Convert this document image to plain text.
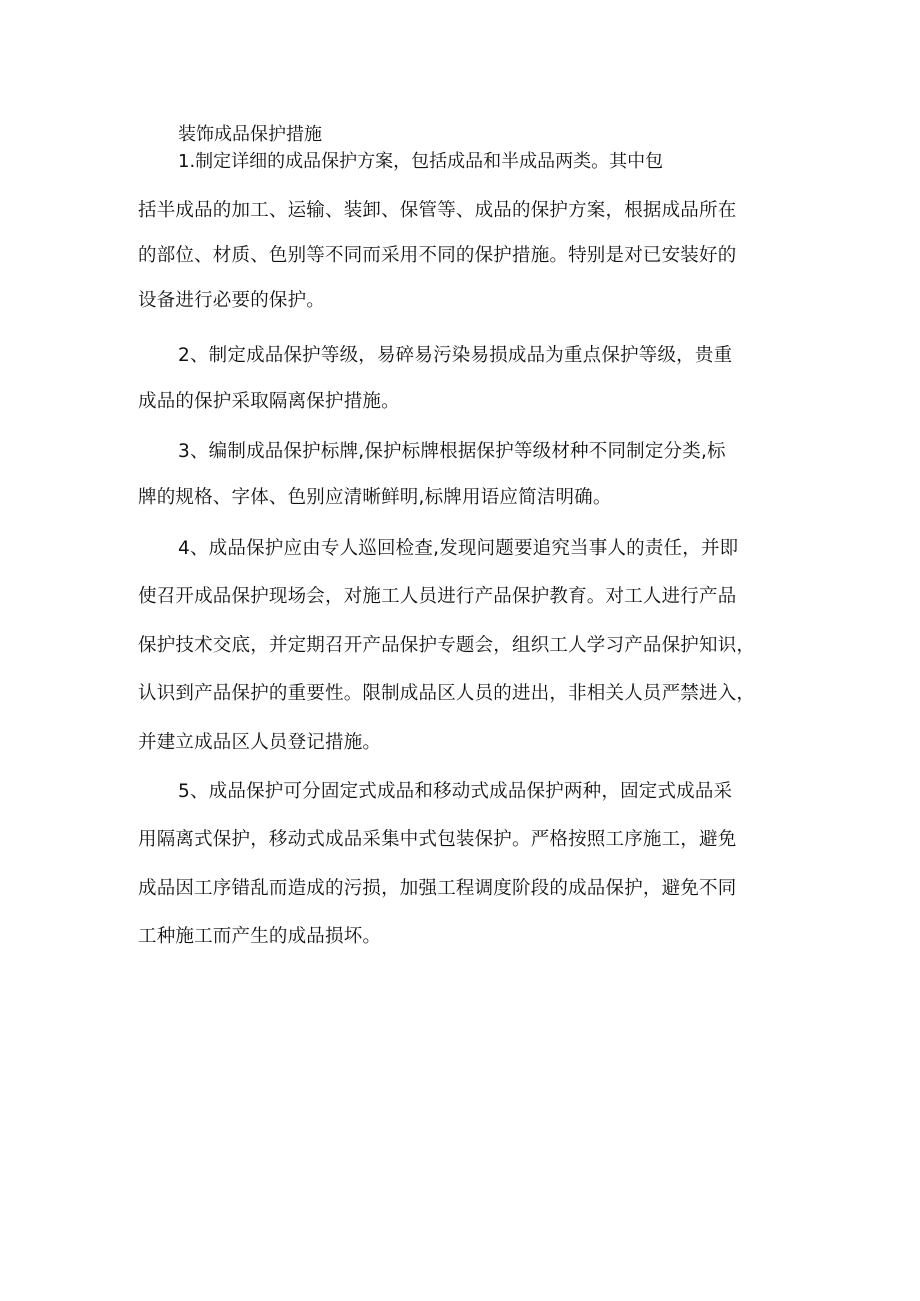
装饰成品保护措施
1.制定详细的成品保护方案，包括成品和半成品两类。其中包
括半成品的加工、运输、装卸、保管等、成品的保护方案，根据成品所在
的部位、材质、色别等不同而采用不同的保护措施。特别是对已安装好的
设备进行必要的保护。
2、制定成品保护等级，易碎易污染易损成品为重点保护等级，贵重
成品的保护采取隔离保护措施。
3、编制成品保护标牌,保护标牌根据保护等级材种不同制定分类,标
牌的规格、字体、色别应清晰鲜明,标牌用语应简洁明确。
4、成品保护应由专人巡回检查,发现问题要追究当事人的责任，并即
使召开成品保护现场会，对施工人员进行产品保护教育。对工人进行产品
保护技术交底，并定期召开产品保护专题会，组织工人学习产品保护知识，
认识到产品保护的重要性。限制成品区人员的进出，非相关人员严禁进入，
并建立成品区人员登记措施。
5、成品保护可分固定式成品和移动式成品保护两种，固定式成品采
用隔离式保护，移动式成品采集中式包装保护。严格按照工序施工，避免
成品因工序错乱而造成的污损，加强工程调度阶段的成品保护，避免不同
工种施工而产生的成品损坏。
